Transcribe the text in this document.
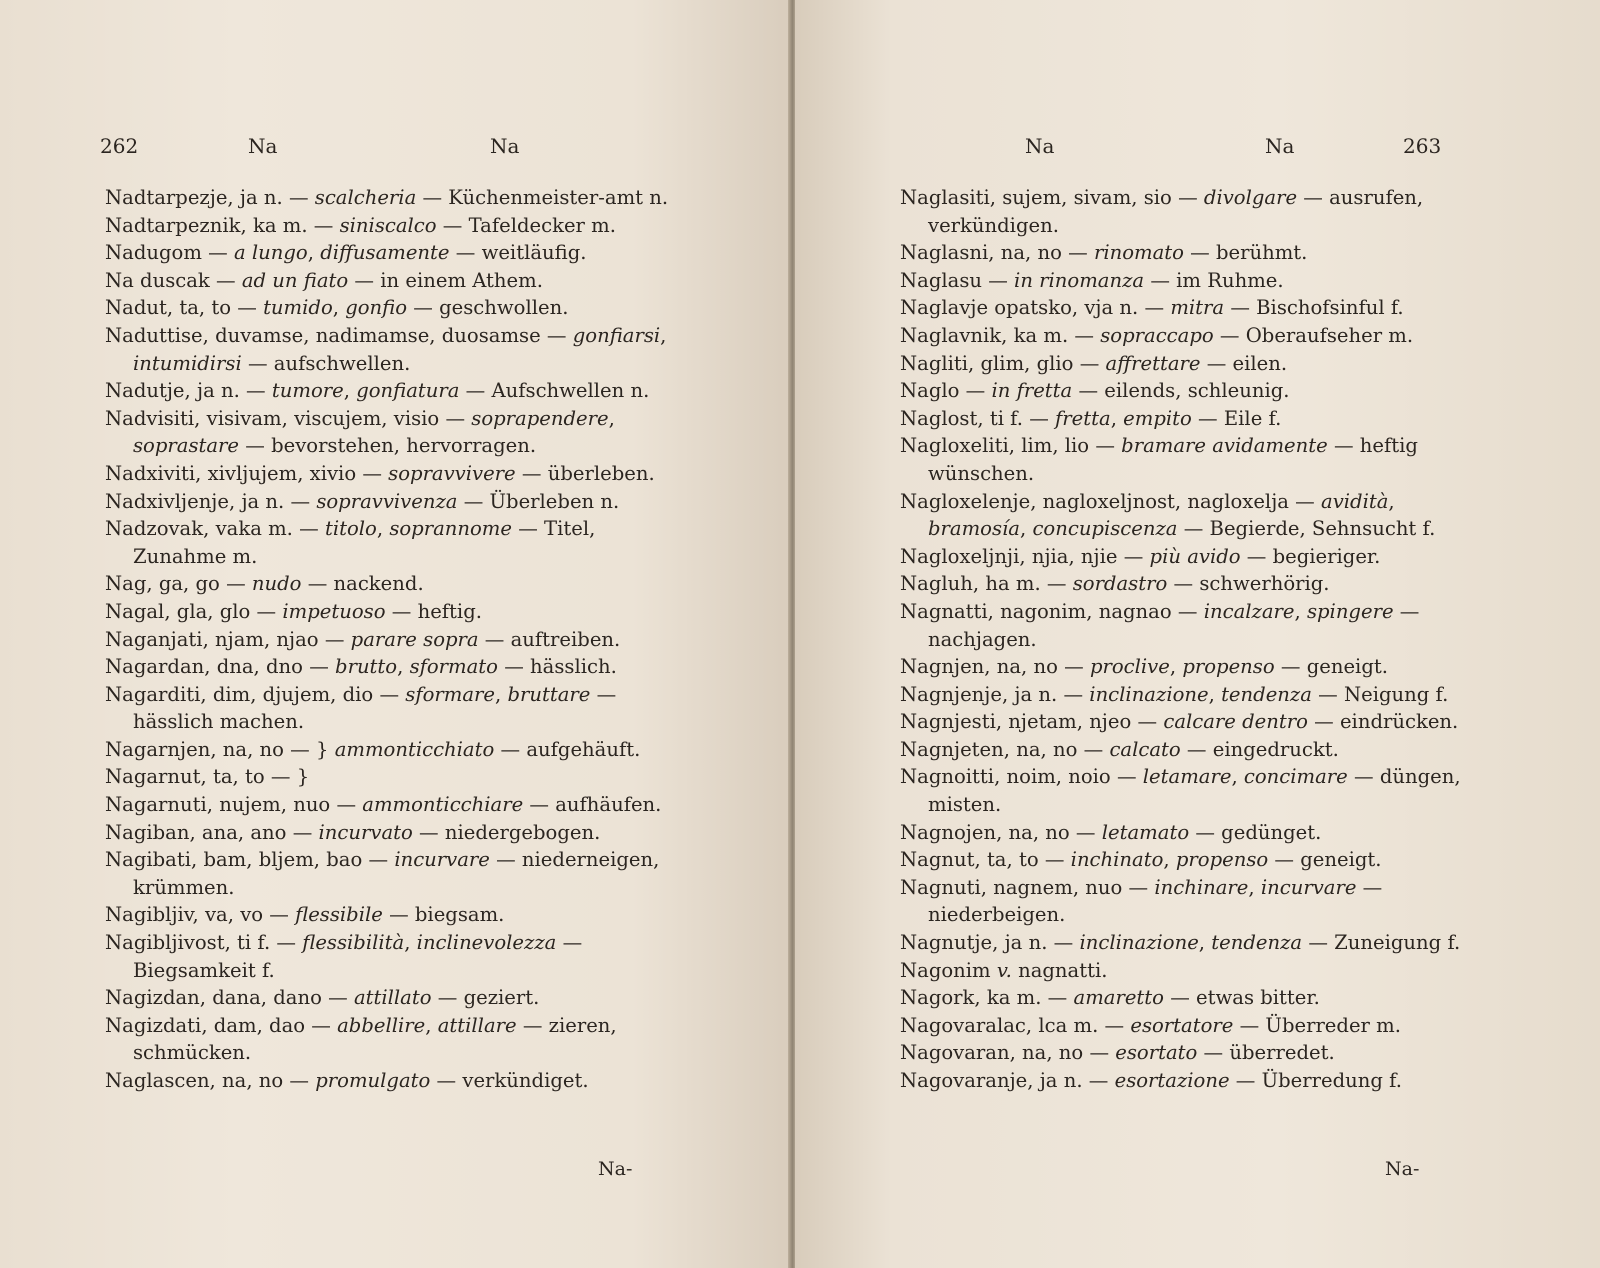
262	Na	Na
Nadtarpezje, ja n. — scalcheria — Küchenmeister-amt n.
Nadtarpeznik, ka m. — siniscalco — Tafeldecker m.
Nadugom — a lungo, diffusamente — weitläufig.
Na duscak — ad un fiato — in einem Athem.
Nadut, ta, to — tumido, gonfio — geschwollen.
Naduttise, duvamse, nadimamse, duosamse — gonfiarsi, intumidirsi — aufschwellen.
Nadutje, ja n. — tumore, gonfiatura — Aufschwellen n.
Nadvisiti, visivam, viscujem, visio — soprapendere, soprastare — bevorstehen, hervorragen.
Nadxiviti, xivljujem, xivio — sopravvivere — überleben.
Nadxivljenje, ja n. — sopravvivenza — Überleben n.
Nadzovak, vaka m. — titolo, soprannome — Titel, Zunahme m.
Nag, ga, go — nudo — nackend.
Nagal, gla, glo — impetuoso — heftig.
Naganjati, njam, njao — parare sopra — auftreiben.
Nagardan, dna, dno — brutto, sformato — hässlich.
Nagarditi, dim, djujem, dio — sformare, bruttare — hässlich machen.
Nagarnjen, na, no — } ammonticchiato — aufgehäuft.
Nagarnut, ta, to — }
Nagarnuti, nujem, nuo — ammonticchiare — aufhäufen.
Nagiban, ana, ano — incurvato — niedergebogen.
Nagibati, bam, bljem, bao — incurvare — niederneigen, krümmen.
Nagibljiv, va, vo — flessibile — biegsam.
Nagibljivost, ti f. — flessibilità, inclinevolezza — Biegsamkeit f.
Nagizdan, dana, dano — attillato — geziert.
Nagizdati, dam, dao — abbellire, attillare — zieren, schmücken.
Naglascen, na, no — promulgato — verkündiget.
Na-
Na	Na	263
Naglasiti, sujem, sivam, sio — divolgare — ausrufen, verkündigen.
Naglasni, na, no — rinomato — berühmt.
Naglasu — in rinomanza — im Ruhme.
Naglavje opatsko, vja n. — mitra — Bischofsinful f.
Naglavnik, ka m. — sopraccapo — Oberaufseher m.
Nagliti, glim, glio — affrettare — eilen.
Naglo — in fretta — eilends, schleunig.
Naglost, ti f. — fretta, empito — Eile f.
Nagloxeliti, lim, lio — bramare avidamente — heftig wünschen.
Nagloxelenje, nagloxeljnost, nagloxelja — avidità, bramosía, concupiscenza — Begierde, Sehnsucht f.
Nagloxeljnji, njia, njie — più avido — begieriger.
Nagluh, ha m. — sordastro — schwerhörig.
Nagnatti, nagonim, nagnao — incalzare, spingere — nachjagen.
Nagnjen, na, no — proclive, propenso — geneigt.
Nagnjenje, ja n. — inclinazione, tendenza — Neigung f.
Nagnjesti, njetam, njeo — calcare dentro — eindrücken.
Nagnjeten, na, no — calcato — eingedruckt.
Nagnoitti, noim, noio — letamare, concimare — düngen, misten.
Nagnojen, na, no — letamato — gedünget.
Nagnut, ta, to — inchinato, propenso — geneigt.
Nagnuti, nagnem, nuo — inchinare, incurvare — niederbeigen.
Nagnutje, ja n. — inclinazione, tendenza — Zuneigung f.
Nagonim v. nagnatti.
Nagork, ka m. — amaretto — etwas bitter.
Nagovaralac, lca m. — esortatore — Überreder m.
Nagovaran, na, no — esortato — überredet.
Nagovaranje, ja n. — esortazione — Überredung f.
Na-
